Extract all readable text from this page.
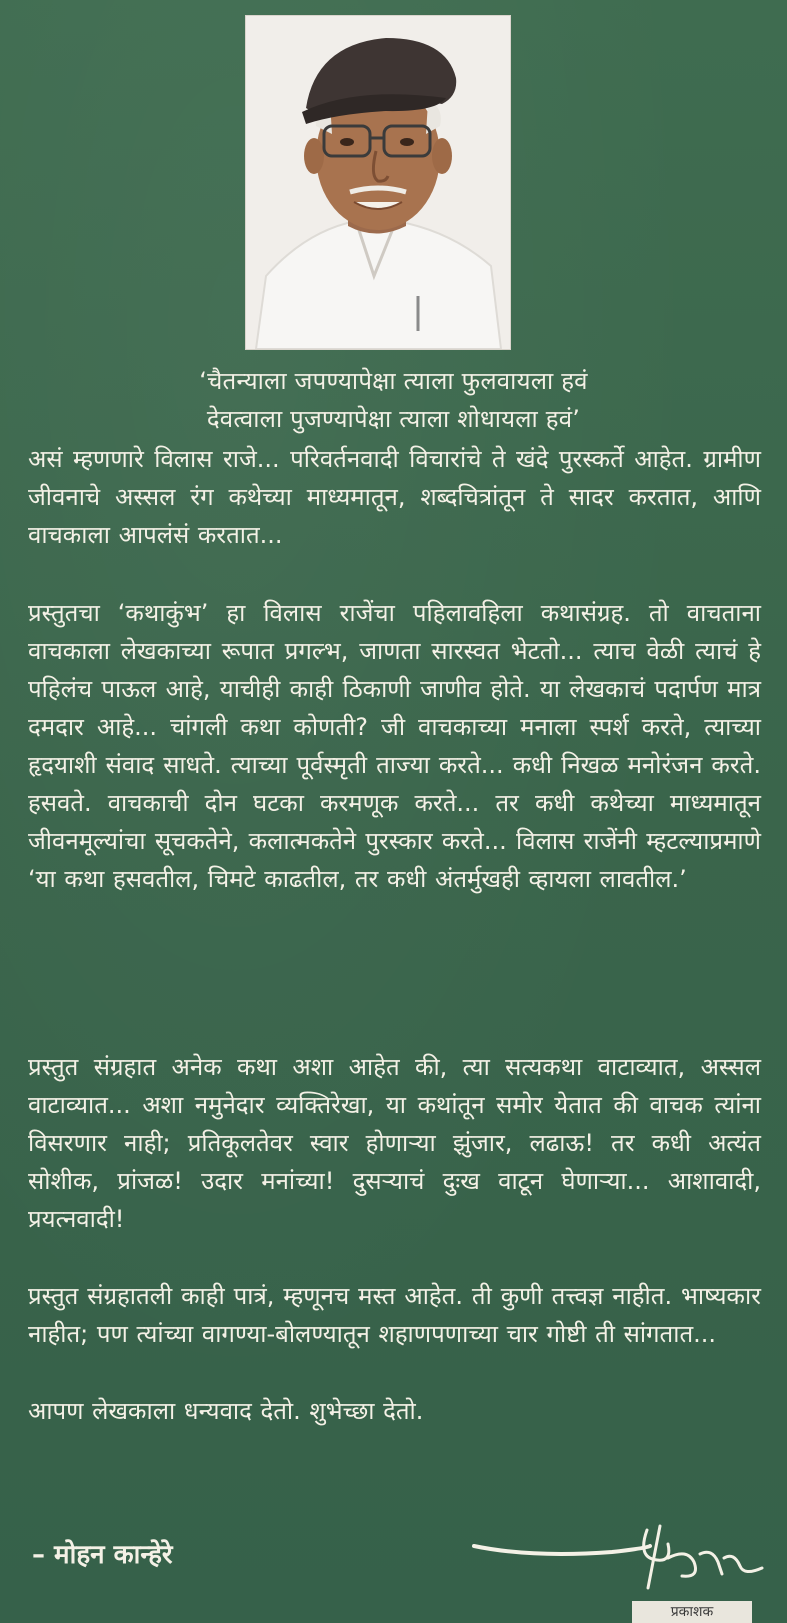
‘चैतन्याला जपण्यापेक्षा त्याला फुलवायला हवं
देवत्वाला पुजण्यापेक्षा त्याला शोधायला हवं’
असं म्हणणारे विलास राजे... परिवर्तनवादी विचारांचे ते खंदे पुरस्कर्ते आहेत. ग्रामीण जीवनाचे अस्सल रंग कथेच्या माध्यमातून, शब्दचित्रांतून ते सादर करतात, आणि वाचकाला आपलंसं करतात...
प्रस्तुतचा ‘कथाकुंभ’ हा विलास राजेंचा पहिलावहिला कथासंग्रह. तो वाचताना वाचकाला लेखकाच्या रूपात प्रगल्भ, जाणता सारस्वत भेटतो... त्याच वेळी त्याचं हे पहिलंच पाऊल आहे, याचीही काही ठिकाणी जाणीव होते. या लेखकाचं पदार्पण मात्र दमदार आहे... चांगली कथा कोणती? जी वाचकाच्या मनाला स्पर्श करते, त्याच्या हृदयाशी संवाद साधते. त्याच्या पूर्वस्मृती ताज्या करते... कधी निखळ मनोरंजन करते. हसवते. वाचकाची दोन घटका करमणूक करते... तर कधी कथेच्या माध्यमातून जीवनमूल्यांचा सूचकतेने, कलात्मकतेने पुरस्कार करते... विलास राजेंनी म्हटल्याप्रमाणे ‘या कथा हसवतील, चिमटे काढतील, तर कधी अंतर्मुखही व्हायला लावतील.’
प्रस्तुत संग्रहात अनेक कथा अशा आहेत की, त्या सत्यकथा वाटाव्यात, अस्सल वाटाव्यात... अशा नमुनेदार व्यक्तिरेखा, या कथांतून समोर येतात की वाचक त्यांना विसरणार नाही; प्रतिकूलतेवर स्वार होणाऱ्या झुंजार, लढाऊ! तर कधी अत्यंत सोशीक, प्रांजळ! उदार मनांच्या! दुसऱ्याचं दुःख वाटून घेणाऱ्या... आशावादी, प्रयत्नवादी!
प्रस्तुत संग्रहातली काही पात्रं, म्हणूनच मस्त आहेत. ती कुणी तत्त्वज्ञ नाहीत. भाष्यकार नाहीत; पण त्यांच्या वागण्या-बोलण्यातून शहाणपणाच्या चार गोष्टी ती सांगतात...
आपण लेखकाला धन्यवाद देतो. शुभेच्छा देतो.
– मोहन कान्हेरे
प्रकाशक
